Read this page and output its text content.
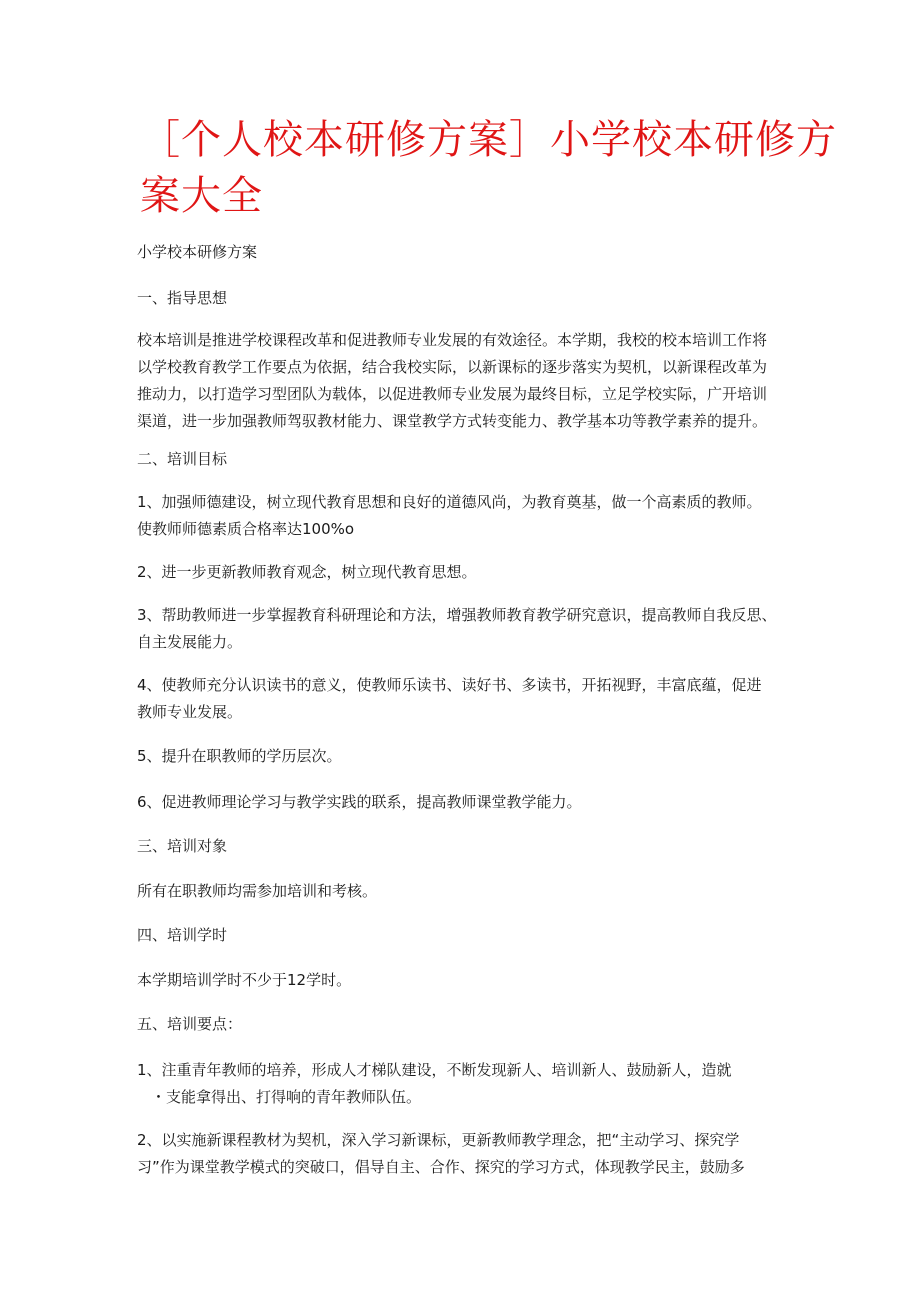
［个人校本研修方案］小学校本研修方
案大全

小学校本研修方案

一、指导思想

校本培训是推进学校课程改革和促进教师专业发展的有效途径。本学期，我校的校本培训工作将
以学校教育教学工作要点为依据，结合我校实际，以新课标的逐步落实为契机，以新课程改革为
推动力，以打造学习型团队为载体，以促进教师专业发展为最终目标，立足学校实际，广开培训
渠道，进一步加强教师驾驭教材能力、课堂教学方式转变能力、教学基本功等教学素养的提升。

二、培训目标

1、加强师德建设，树立现代教育思想和良好的道德风尚，为教育奠基，做一个高素质的教师。
使教师师德素质合格率达100%o

2、进一步更新教师教育观念，树立现代教育思想。

3、帮助教师进一步掌握教育科研理论和方法，增强教师教育教学研究意识，提高教师自我反思、
自主发展能力。

4、使教师充分认识读书的意义，使教师乐读书、读好书、多读书，开拓视野，丰富底蕴，促进
教师专业发展。

5、提升在职教师的学历层次。

6、促进教师理论学习与教学实践的联系，提高教师课堂教学能力。

三、培训对象

所有在职教师均需参加培训和考核。

四、培训学时

本学期培训学时不少于12学时。

五、培训要点：

1、注重青年教师的培养，形成人才梯队建设，不断发现新人、培训新人、鼓励新人，造就
・支能拿得出、打得响的青年教师队伍。

2、以实施新课程教材为契机，深入学习新课标，更新教师教学理念，把“主动学习、探究学
习”作为课堂教学模式的突破口，倡导自主、合作、探究的学习方式，体现教学民主，鼓励多
